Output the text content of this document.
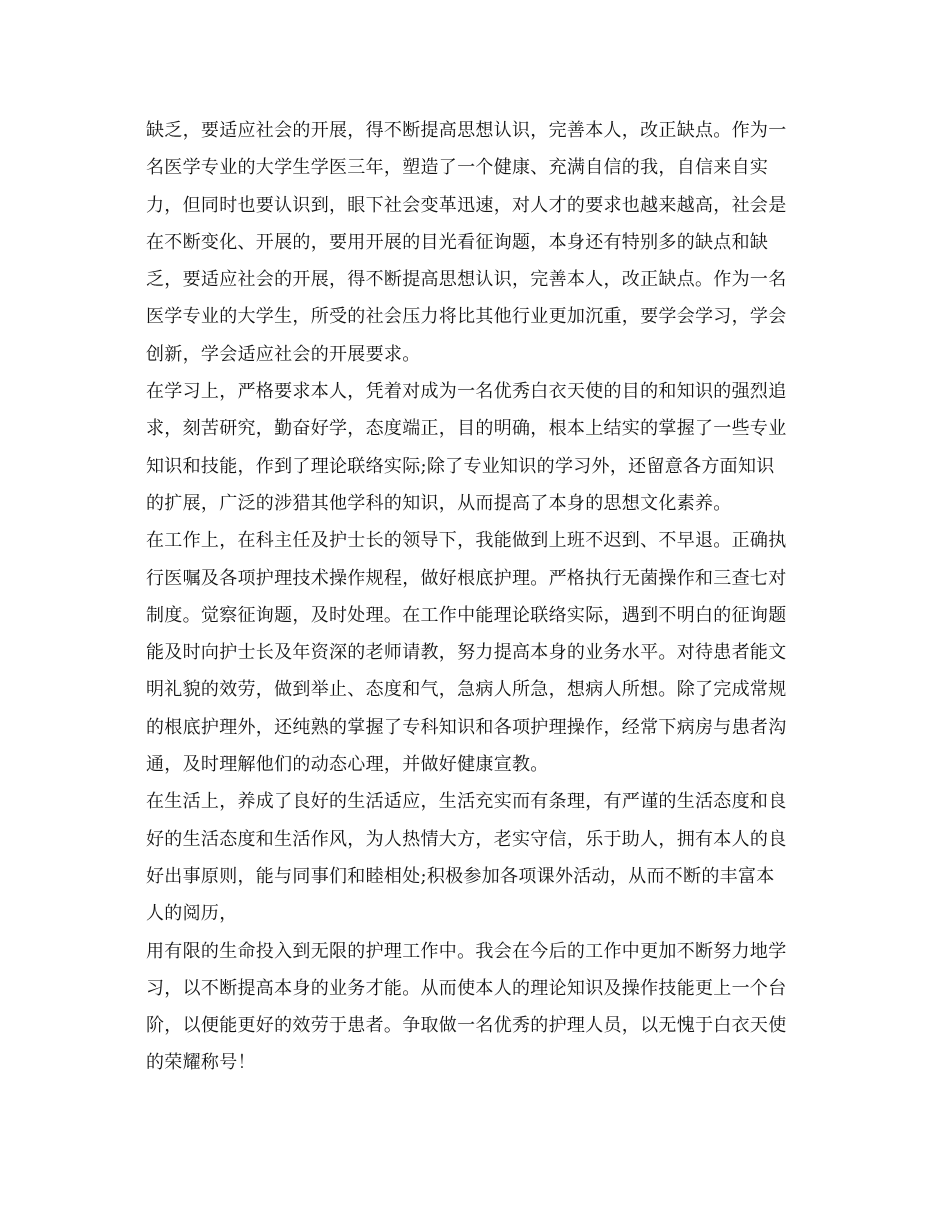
缺乏，要适应社会的开展，得不断提高思想认识，完善本人，改正缺点。作为一
名医学专业的大学生学医三年，塑造了一个健康、充满自信的我，自信来自实
力，但同时也要认识到，眼下社会变革迅速，对人才的要求也越来越高，社会是
在不断变化、开展的，要用开展的目光看征询题，本身还有特别多的缺点和缺
乏，要适应社会的开展，得不断提高思想认识，完善本人，改正缺点。作为一名
医学专业的大学生，所受的社会压力将比其他行业更加沉重，要学会学习，学会
创新，学会适应社会的开展要求。
在学习上，严格要求本人，凭着对成为一名优秀白衣天使的目的和知识的强烈追
求，刻苦研究，勤奋好学，态度端正，目的明确，根本上结实的掌握了一些专业
知识和技能，作到了理论联络实际;除了专业知识的学习外，还留意各方面知识
的扩展，广泛的涉猎其他学科的知识，从而提高了本身的思想文化素养。
在工作上，在科主任及护士长的领导下，我能做到上班不迟到、不早退。正确执
行医嘱及各项护理技术操作规程，做好根底护理。严格执行无菌操作和三查七对
制度。觉察征询题，及时处理。在工作中能理论联络实际，遇到不明白的征询题
能及时向护士长及年资深的老师请教，努力提高本身的业务水平。对待患者能文
明礼貌的效劳，做到举止、态度和气，急病人所急，想病人所想。除了完成常规
的根底护理外，还纯熟的掌握了专科知识和各项护理操作，经常下病房与患者沟
通，及时理解他们的动态心理，并做好健康宣教。
在生活上，养成了良好的生活适应，生活充实而有条理，有严谨的生活态度和良
好的生活态度和生活作风，为人热情大方，老实守信，乐于助人，拥有本人的良
好出事原则，能与同事们和睦相处;积极参加各项课外活动，从而不断的丰富本
人的阅历，
用有限的生命投入到无限的护理工作中。我会在今后的工作中更加不断努力地学
习，以不断提高本身的业务才能。从而使本人的理论知识及操作技能更上一个台
阶，以便能更好的效劳于患者。争取做一名优秀的护理人员，以无愧于白衣天使
的荣耀称号！
